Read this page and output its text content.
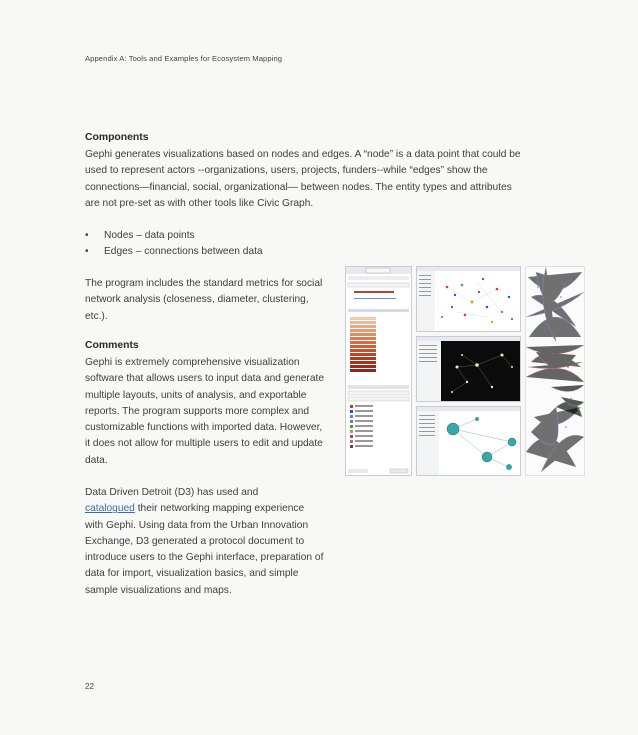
Appendix A: Tools and Examples for Ecosystem Mapping
Components

Gephi generates visualizations based on nodes and edges. A “node” is a data point that could be used to represent actors --organizations, users, projects, funders--while “edges” show the connections—financial, social, organizational— between nodes. The entity types and attributes are not pre-set as with other tools like Civic Graph.

• Nodes – data points
• Edges – connections between data

The program includes the standard metrics for social network analysis (closeness, diameter, clustering, etc.).

Comments

Gephi is extremely comprehensive visualization software that allows users to input data and generate multiple layouts, units of analysis, and exportable reports. The program supports more complex and customizable functions with imported data. However, it does not allow for multiple users to edit and update data.

Data Driven Detroit (D3) has used and
catalogued their networking mapping experience with Gephi. Using data from the Urban Innovation Exchange, D3 generated a protocol document to introduce users to the Gephi interface, preparation of data for import, visualization basics, and simple sample visualizations and maps.

22
